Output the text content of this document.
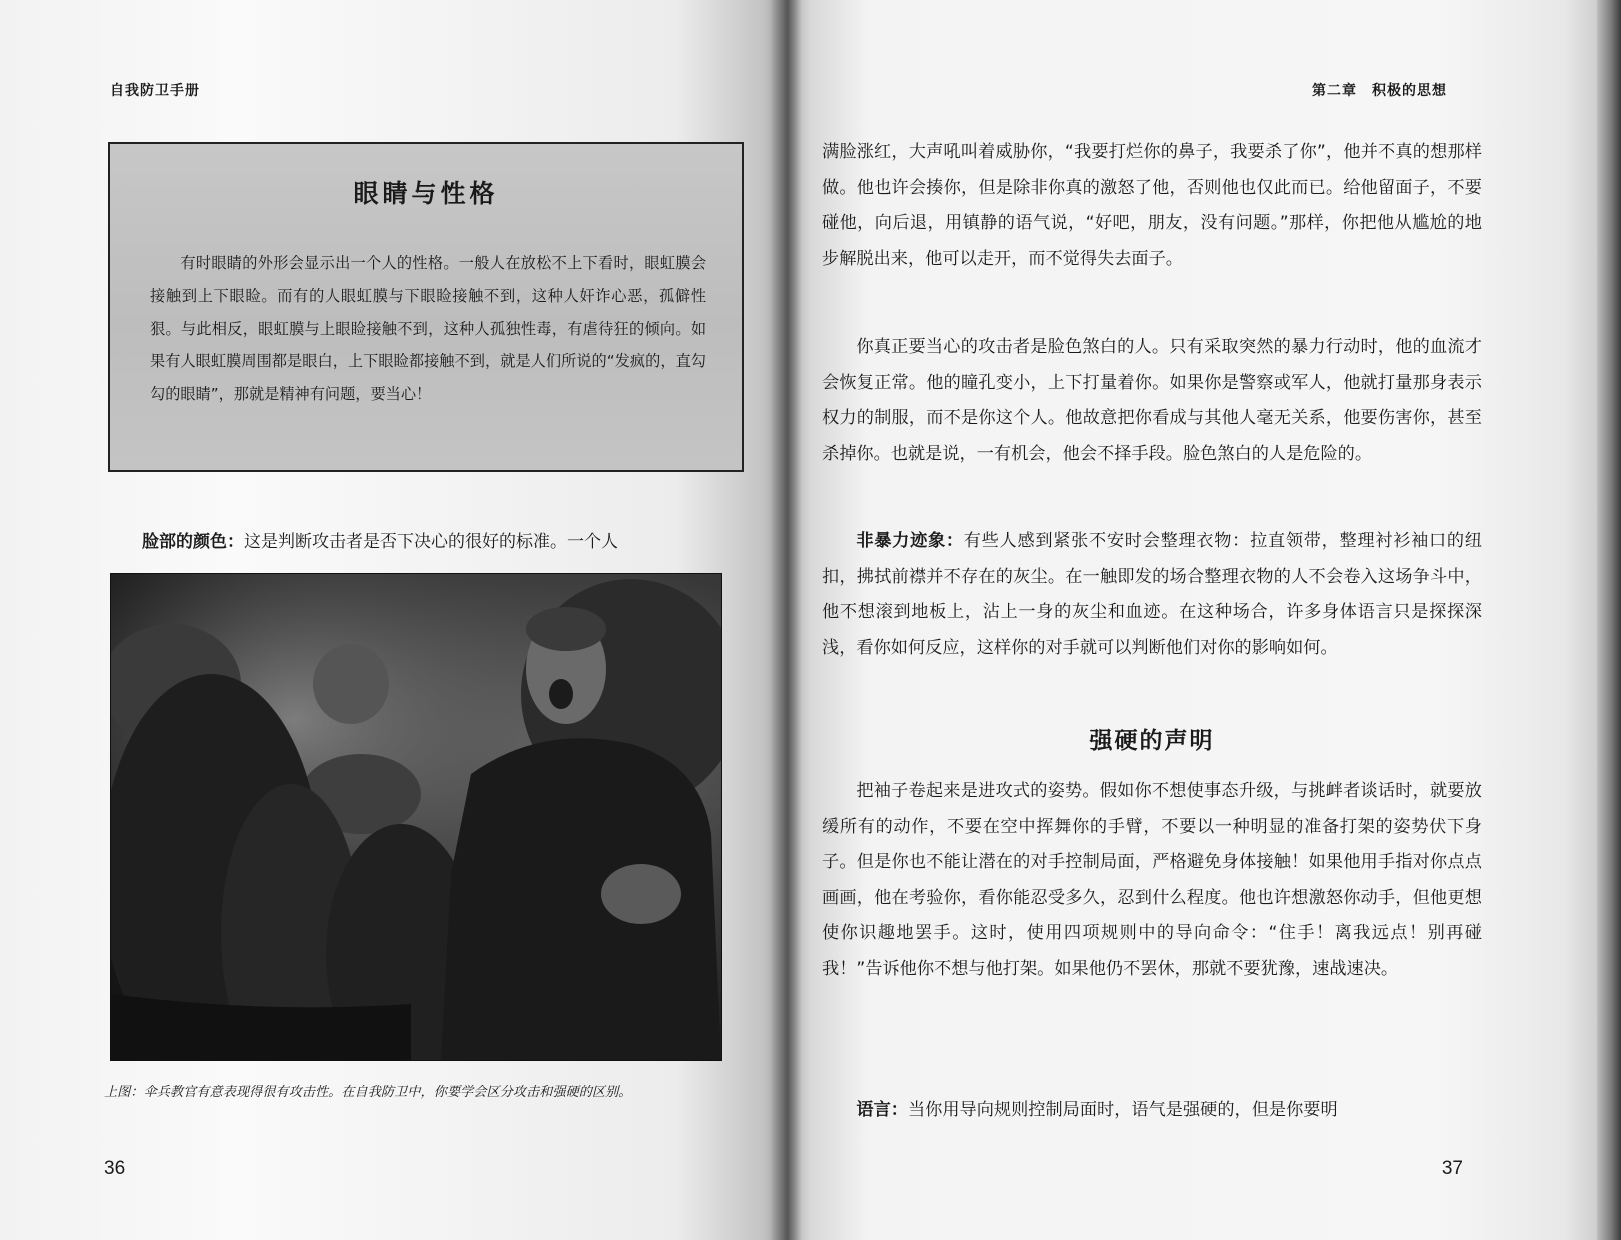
自我防卫手册
眼睛与性格
有时眼睛的外形会显示出一个人的性格。一般人在放松不上下看时，眼虹膜会接触到上下眼睑。而有的人眼虹膜与下眼睑接触不到，这种人奸诈心恶，孤僻性狠。与此相反，眼虹膜与上眼睑接触不到，这种人孤独性毒，有虐待狂的倾向。如果有人眼虹膜周围都是眼白，上下眼睑都接触不到，就是人们所说的“发疯的，直勾勾的眼睛”，那就是精神有问题，要当心！
脸部的颜色：这是判断攻击者是否下决心的很好的标准。一个人
上图：伞兵教官有意表现得很有攻击性。在自我防卫中，你要学会区分攻击和强硬的区别。
36
第二章　积极的思想
37
满脸涨红，大声吼叫着威胁你，“我要打烂你的鼻子，我要杀了你”，他并不真的想那样做。他也许会揍你，但是除非你真的激怒了他，否则他也仅此而已。给他留面子，不要碰他，向后退，用镇静的语气说，“好吧，朋友，没有问题。”那样，你把他从尴尬的地步解脱出来，他可以走开，而不觉得失去面子。
你真正要当心的攻击者是脸色煞白的人。只有采取突然的暴力行动时，他的血流才会恢复正常。他的瞳孔变小，上下打量着你。如果你是警察或军人，他就打量那身表示权力的制服，而不是你这个人。他故意把你看成与其他人毫无关系，他要伤害你，甚至杀掉你。也就是说，一有机会，他会不择手段。脸色煞白的人是危险的。
非暴力迹象：有些人感到紧张不安时会整理衣物：拉直领带，整理衬衫袖口的纽扣，拂拭前襟并不存在的灰尘。在一触即发的场合整理衣物的人不会卷入这场争斗中，他不想滚到地板上，沾上一身的灰尘和血迹。在这种场合，许多身体语言只是探探深浅，看你如何反应，这样你的对手就可以判断他们对你的影响如何。
强硬的声明
把袖子卷起来是进攻式的姿势。假如你不想使事态升级，与挑衅者谈话时，就要放缓所有的动作，不要在空中挥舞你的手臂，不要以一种明显的准备打架的姿势伏下身子。但是你也不能让潜在的对手控制局面，严格避免身体接触！如果他用手指对你点点画画，他在考验你，看你能忍受多久，忍到什么程度。他也许想激怒你动手，但他更想使你识趣地罢手。这时，使用四项规则中的导向命令：“住手！离我远点！别再碰我！”告诉他你不想与他打架。如果他仍不罢休，那就不要犹豫，速战速决。
语言：当你用导向规则控制局面时，语气是强硬的，但是你要明
